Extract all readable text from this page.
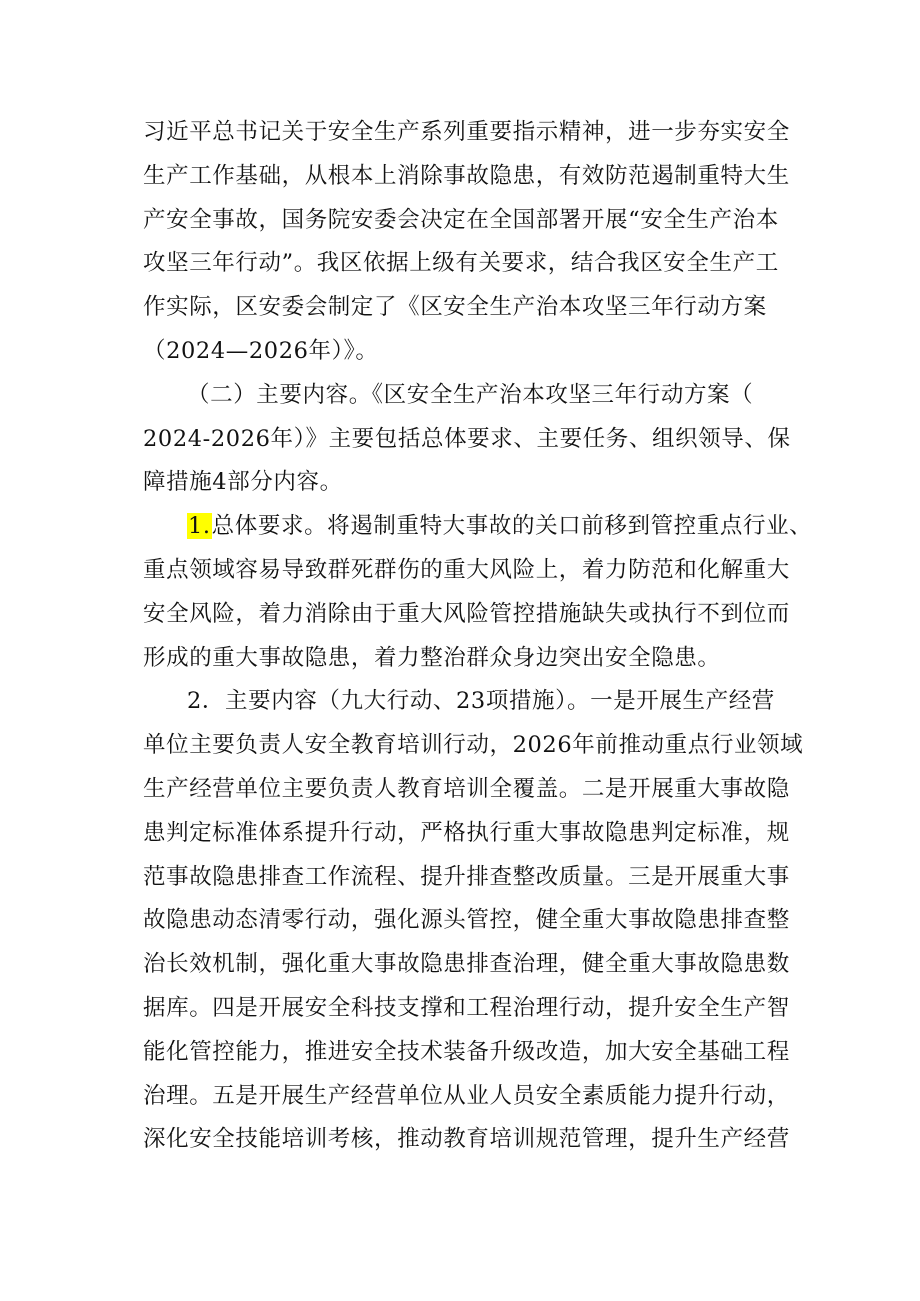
习近平总书记关于安全生产系列重要指示精神，进一步夯实安全
生产工作基础，从根本上消除事故隐患，有效防范遏制重特大生
产安全事故，国务院安委会决定在全国部署开展“安全生产治本
攻坚三年行动”。我区依据上级有关要求，结合我区安全生产工
作实际，区安委会制定了《区安全生产治本攻坚三年行动方案
（2024—2026年）》。
（二）主要内容。《区安全生产治本攻坚三年行动方案（
2024-2026年）》主要包括总体要求、主要任务、组织领导、保
障措施4部分内容。
1.总体要求。将遏制重特大事故的关口前移到管控重点行业、
重点领域容易导致群死群伤的重大风险上，着力防范和化解重大
安全风险，着力消除由于重大风险管控措施缺失或执行不到位而
形成的重大事故隐患，着力整治群众身边突出安全隐患。
2．主要内容（九大行动、23项措施）。一是开展生产经营
单位主要负责人安全教育培训行动，2026年前推动重点行业领域
生产经营单位主要负责人教育培训全覆盖。二是开展重大事故隐
患判定标准体系提升行动，严格执行重大事故隐患判定标准，规
范事故隐患排查工作流程、提升排查整改质量。三是开展重大事
故隐患动态清零行动，强化源头管控，健全重大事故隐患排查整
治长效机制，强化重大事故隐患排查治理，健全重大事故隐患数
据库。四是开展安全科技支撑和工程治理行动，提升安全生产智
能化管控能力，推进安全技术装备升级改造，加大安全基础工程
治理。五是开展生产经营单位从业人员安全素质能力提升行动，
深化安全技能培训考核，推动教育培训规范管理，提升生产经营
